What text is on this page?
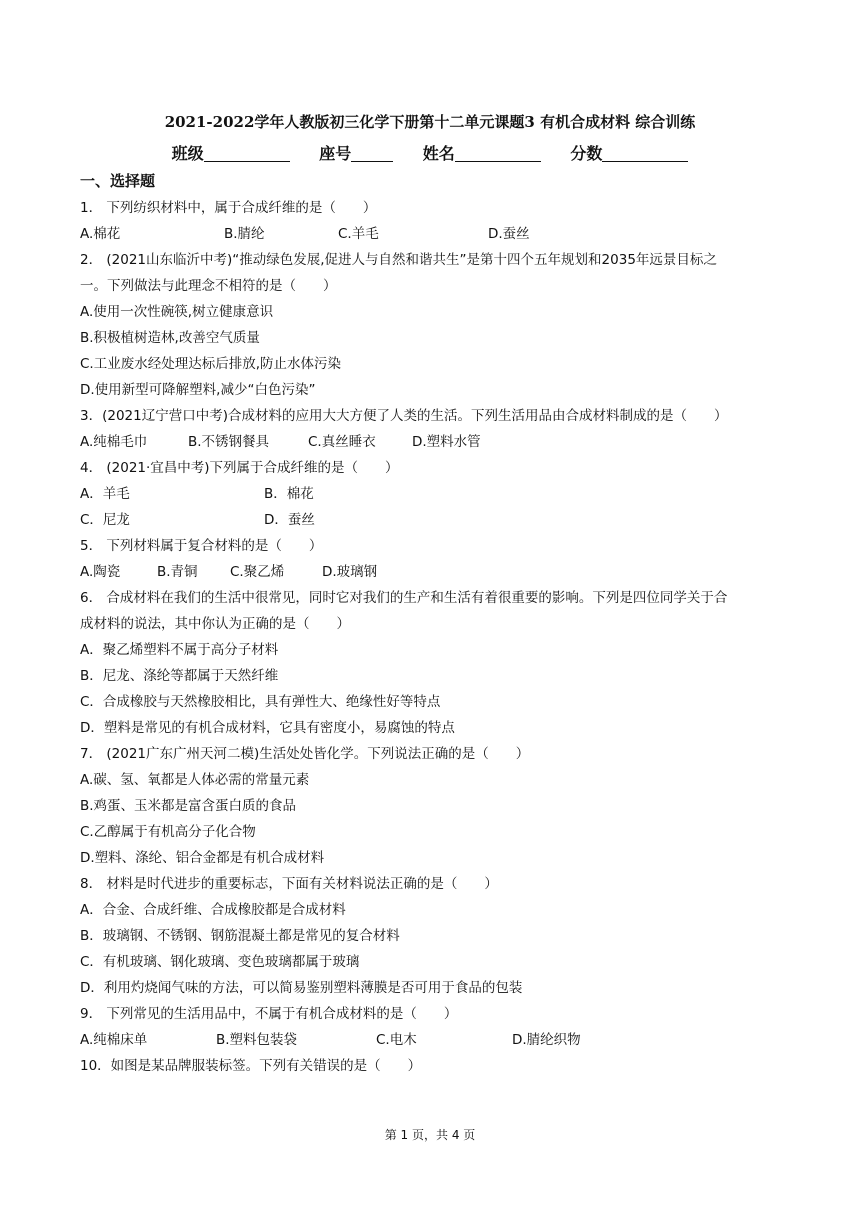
2021-2022学年人教版初三化学下册第十二单元课题3 有机合成材料 综合训练
班级	座号	姓名	分数
一、选择题
1． 下列纺织材料中，属于合成纤维的是（　　）
A.棉花	B.腈纶	C.羊毛	D.蚕丝
2． (2021山东临沂中考)“推动绿色发展,促进人与自然和谐共生”是第十四个五年规划和2035年远景目标之
一。下列做法与此理念不相符的是（　　）
A.使用一次性碗筷,树立健康意识
B.积极植树造林,改善空气质量
C.工业废水经处理达标后排放,防止水体污染
D.使用新型可降解塑料,减少“白色污染”
3．(2021辽宁营口中考)合成材料的应用大大方便了人类的生活。下列生活用品由合成材料制成的是（　　）
A.纯棉毛巾	B.不锈钢餐具	C.真丝睡衣	D.塑料水管
4． (2021·宜昌中考)下列属于合成纤维的是（　　）
A．羊毛	B．棉花
C．尼龙	D．蚕丝
5． 下列材料属于复合材料的是（　　）
A.陶瓷	B.青铜 C.聚乙烯	D.玻璃钢
6． 合成材料在我们的生活中很常见，同时它对我们的生产和生活有着很重要的影响。下列是四位同学关于合
成材料的说法，其中你认为正确的是（　　）
A．聚乙烯塑料不属于高分子材料
B．尼龙、涤纶等都属于天然纤维
C．合成橡胶与天然橡胶相比，具有弹性大、绝缘性好等特点
D．塑料是常见的有机合成材料，它具有密度小，易腐蚀的特点
7． (2021广东广州天河二模)生活处处皆化学。下列说法正确的是（　　）
A.碳、氢、氧都是人体必需的常量元素
B.鸡蛋、玉米都是富含蛋白质的食品
C.乙醇属于有机高分子化合物
D.塑料、涤纶、铝合金都是有机合成材料
8． 材料是时代进步的重要标志，下面有关材料说法正确的是（　　）
A．合金、合成纤维、合成橡胶都是合成材料
B．玻璃钢、不锈钢、钢筋混凝土都是常见的复合材料
C．有机玻璃、钢化玻璃、变色玻璃都属于玻璃
D．利用灼烧闻气味的方法，可以简易鉴别塑料薄膜是否可用于食品的包装
9． 下列常见的生活用品中，不属于有机合成材料的是（　　）
A.纯棉床单	B.塑料包装袋	C.电木	D.腈纶织物
10．如图是某品牌服装标签。下列有关错误的是（　　）
第 1 页，共 4 页
